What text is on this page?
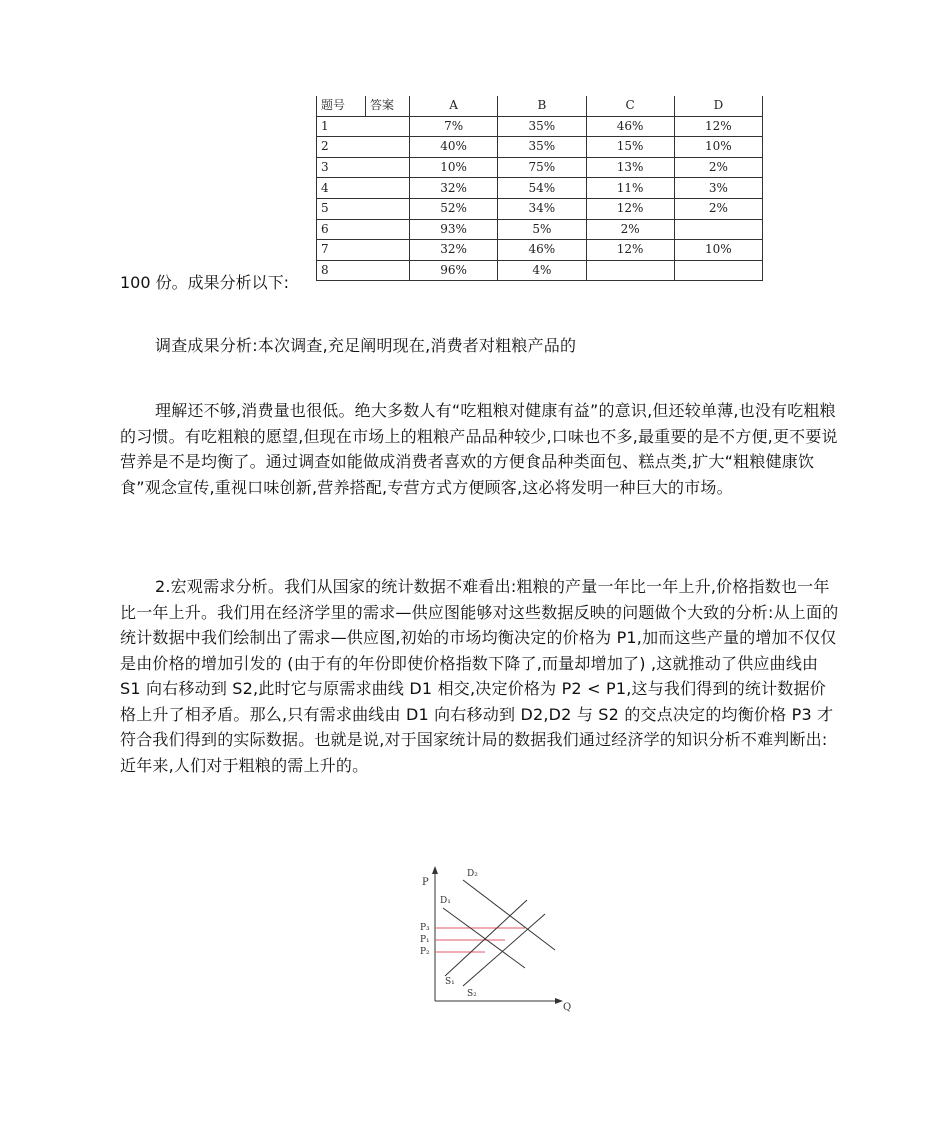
题号	答案	A	B	C	D
1		7%	35%	46%	12%
2		40%	35%	15%	10%
3		10%	75%	13%	2%
4		32%	54%	11%	3%
5		52%	34%	12%	2%
6		93%	5%	2%	
7		32%	46%	12%	10%
8		96%	4%		
100 份。成果分析以下:

调查成果分析:本次调查,充足阐明现在,消费者对粗粮产品的

理解还不够,消费量也很低。绝大多数人有“吃粗粮对健康有益”的意识,但还较单薄,也没有吃粗粮的习惯。有吃粗粮的愿望,但现在市场上的粗粮产品品种较少,口味也不多,最重要的是不方便,更不要说营养是不是均衡了。通过调查如能做成消费者喜欢的方便食品种类面包、糕点类,扩大“粗粮健康饮食”观念宣传,重视口味创新,营养搭配,专营方式方便顾客,这必将发明一种巨大的市场。

2.宏观需求分析。我们从国家的统计数据不难看出:粗粮的产量一年比一年上升,价格指数也一年比一年上升。我们用在经济学里的需求—供应图能够对这些数据反映的问题做个大致的分析:从上面的统计数据中我们绘制出了需求—供应图,初始的市场均衡决定的价格为 P1,加而这些产量的增加不仅仅是由价格的增加引发的 (由于有的年份即使价格指数下降了,而量却增加了) ,这就推动了供应曲线由 S1 向右移动到 S2,此时它与原需求曲线 D1 相交,决定价格为 P2 < P1,这与我们得到的统计数据价格上升了相矛盾。那么,只有需求曲线由 D1 向右移动到 D2,D2 与 S2 的交点决定的均衡价格 P3 才符合我们得到的实际数据。也就是说,对于国家统计局的数据我们通过经济学的知识分析不难判断出:近年来,人们对于粗粮的需上升的。

P
Q
P₃
P₁
P₂
D₁
D₂
S₁
S₂
